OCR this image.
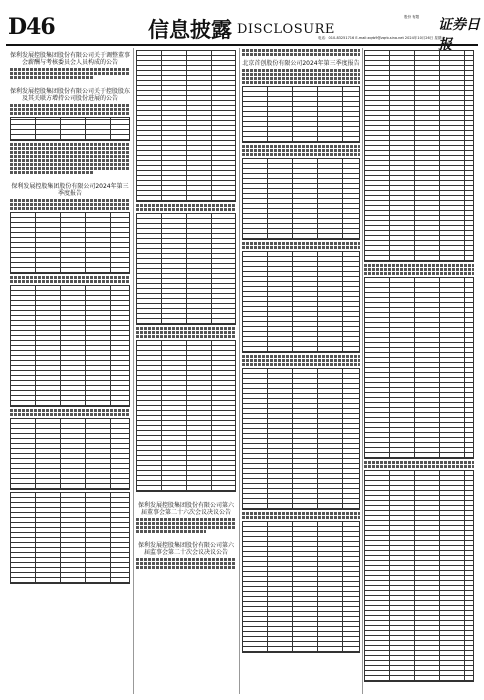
D46	信息披露 DISCLOSURE
股份 有限 证券日报
电话：010-83251716 E-mail:zqrb9@zqrb.sina.net 2024年10月26日 星期六
保利发展控股集团股份有限公司关于调整董事会薪酬与考核委员会人员构成的公告
保利发展控股集团股份有限公司关于控股股东及其关联方增持公司股份进展的公告
保利发展控股集团股份有限公司2024年第三季度报告
保利发展控股集团股份有限公司第六届董事会第二十六次会议决议公告
保利发展控股集团股份有限公司第六届监事会第二十次会议决议公告
北京首创股份有限公司2024年第三季度报告
